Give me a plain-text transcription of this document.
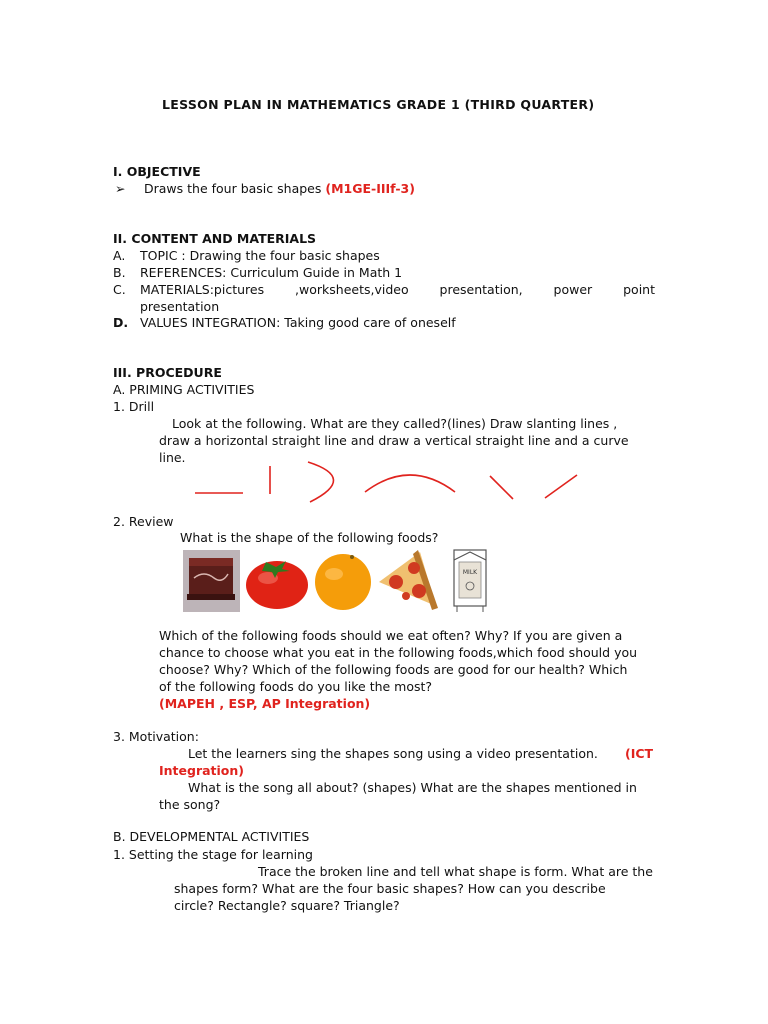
LESSON PLAN IN MATHEMATICS GRADE 1 (THIRD QUARTER)
I. OBJECTIVE
➢ Draws the four basic shapes (M1GE-IIIf-3)
II. CONTENT AND MATERIALS
A. TOPIC : Drawing the four basic shapes
B. REFERENCES: Curriculum Guide in Math 1
C. MATERIALS:pictures ,worksheets,video presentation, power point
presentation
D. VALUES INTEGRATION: Taking good care of oneself
III. PROCEDURE
A. PRIMING ACTIVITIES
1. Drill
Look at the following. What are they called?(lines) Draw slanting lines ,
draw a horizontal straight line and draw a vertical straight line and a curve
line.
2. Review
What is the shape of the following foods?
MILK
Which of the following foods should we eat often? Why? If you are given a
chance to choose what you eat in the following foods,which food should you
choose? Why? Which of the following foods are good for our health? Which
of the following foods do you like the most?
(MAPEH , ESP, AP Integration)
3. Motivation:
Let the learners sing the shapes song using a video presentation. (ICT
Integration)
What is the song all about? (shapes) What are the shapes mentioned in
the song?
B. DEVELOPMENTAL ACTIVITIES
1. Setting the stage for learning
Trace the broken line and tell what shape is form. What are the
shapes form? What are the four basic shapes? How can you describe
circle? Rectangle? square? Triangle?
